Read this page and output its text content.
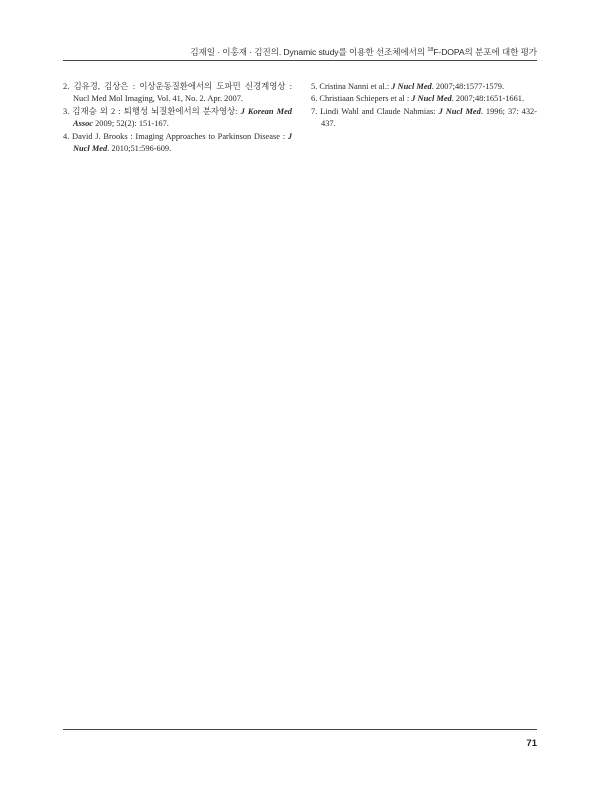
김재일 · 이홍재 · 김진의. Dynamic study를 이용한 선조체에서의 $^{18}$F-DOPA의 분포에 대한 평가
2. 김유경, 김상은 : 이상운동질환에서의 도파민 신경계영상 : Nucl Med Mol Imaging, Vol. 41, No. 2. Apr. 2007.
3. 김재승 외 2 : 퇴행성 뇌질환에서의 분자영상: J Korean Med Assoc 2009; 52(2): 151-167.
4. David J. Brooks : Imaging Approaches to Parkinson Disease : J Nucl Med. 2010;51:596-609.
5. Cristina Nanni et al.: J Nucl Med. 2007;48:1577-1579.
6. Christiaan Schiepers et al : J Nucl Med. 2007;48:1651-1661.
7. Lindi Wahl and Claude Nahmias: J Nucl Med. 1996; 37: 432-437.
71
